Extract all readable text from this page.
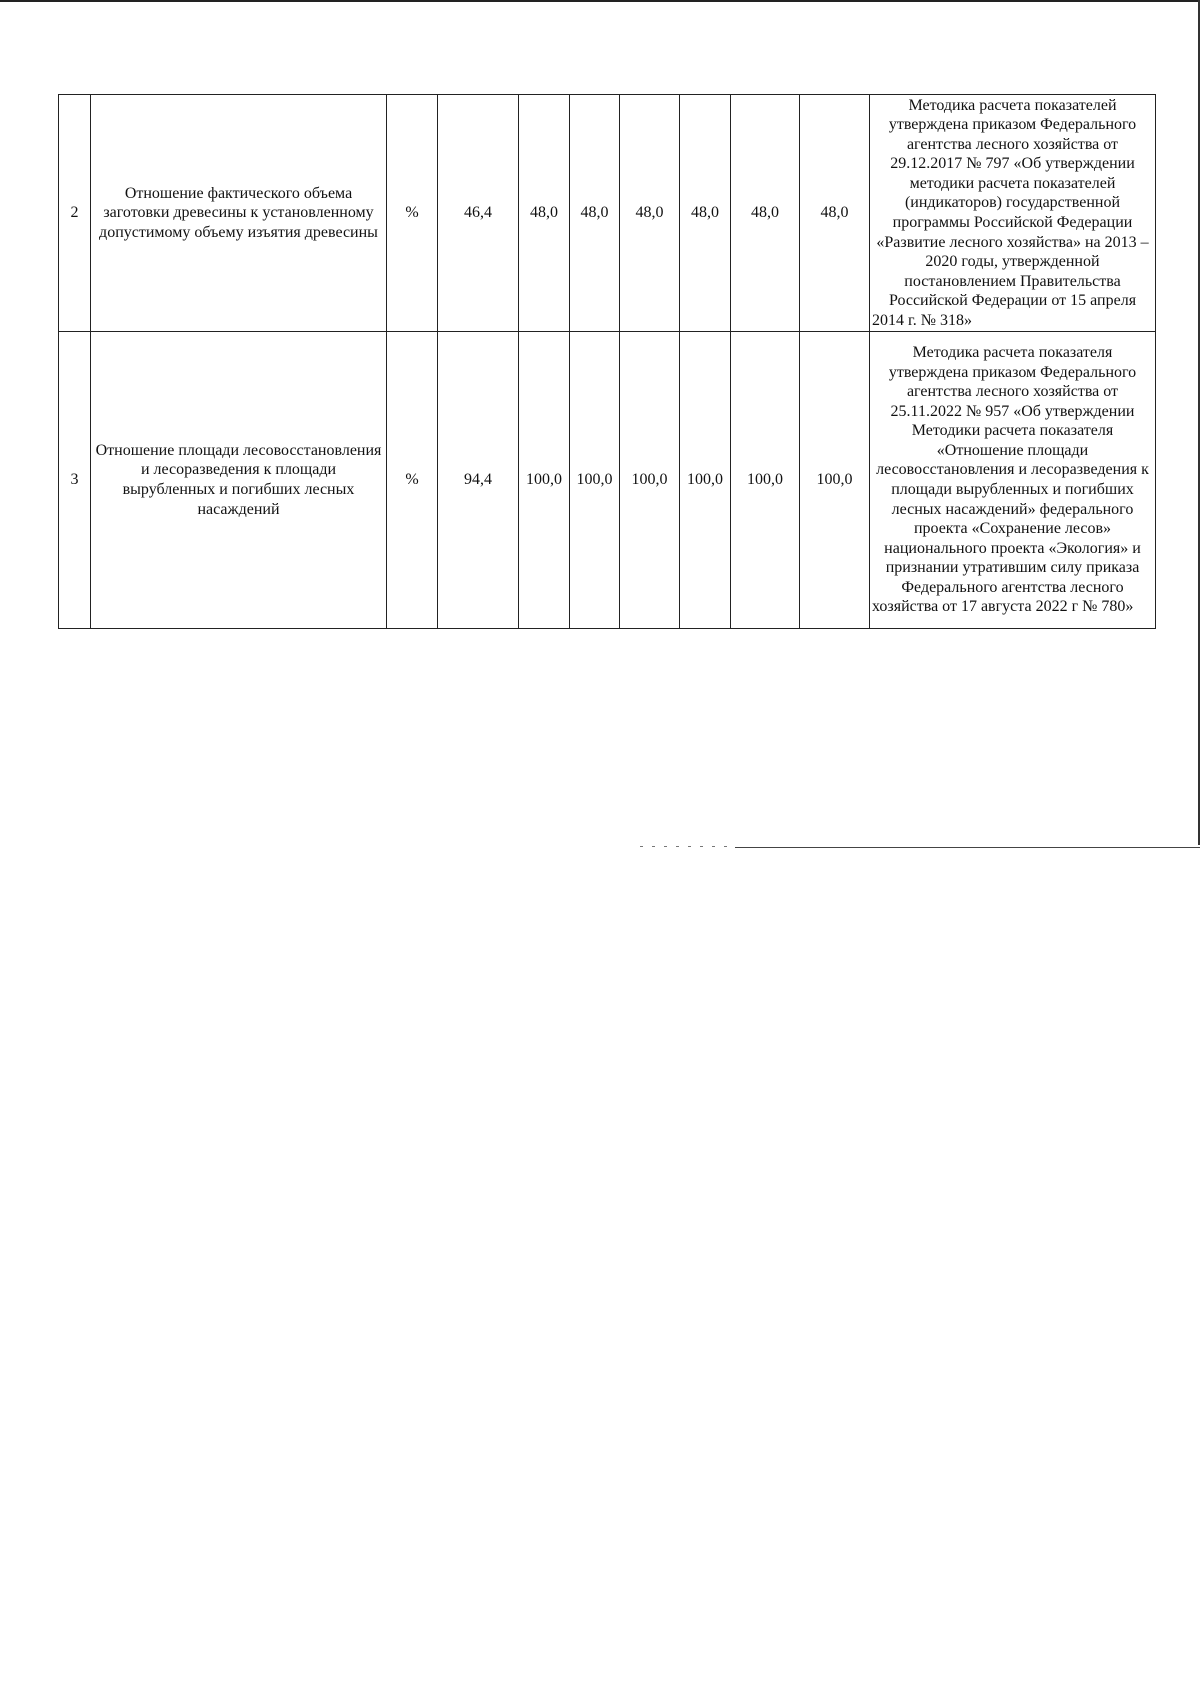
2	Отношение фактического объема заготовки древесины к установленному допустимому объему изъятия древесины	%	46,4	48,0	48,0	48,0	48,0	48,0	48,0	Методика расчета показателей утверждена приказом Федерального агентства лесного хозяйства от 29.12.2017 № 797 «Об утверждении методики расчета показателей (индикаторов) государственной программы Российской Федерации «Развитие лесного хозяйства» на 2013 – 2020 годы, утвержденной постановлением Правительства Российской Федерации от 15 апреля 2014 г. № 318»
3	Отношение площади лесовосстановления и лесоразведения к площади вырубленных и погибших лесных насаждений	%	94,4	100,0	100,0	100,0	100,0	100,0	100,0	Методика расчета показателя утверждена приказом Федерального агентства лесного хозяйства от 25.11.2022 № 957 «Об утверждении Методики расчета показателя «Отношение площади лесовосстановления и лесоразведения к площади вырубленных и погибших лесных насаждений» федерального проекта «Сохранение лесов» национального проекта «Экология» и признании утратившим силу приказа Федерального агентства лесного хозяйства от 17 августа 2022 г № 780»
